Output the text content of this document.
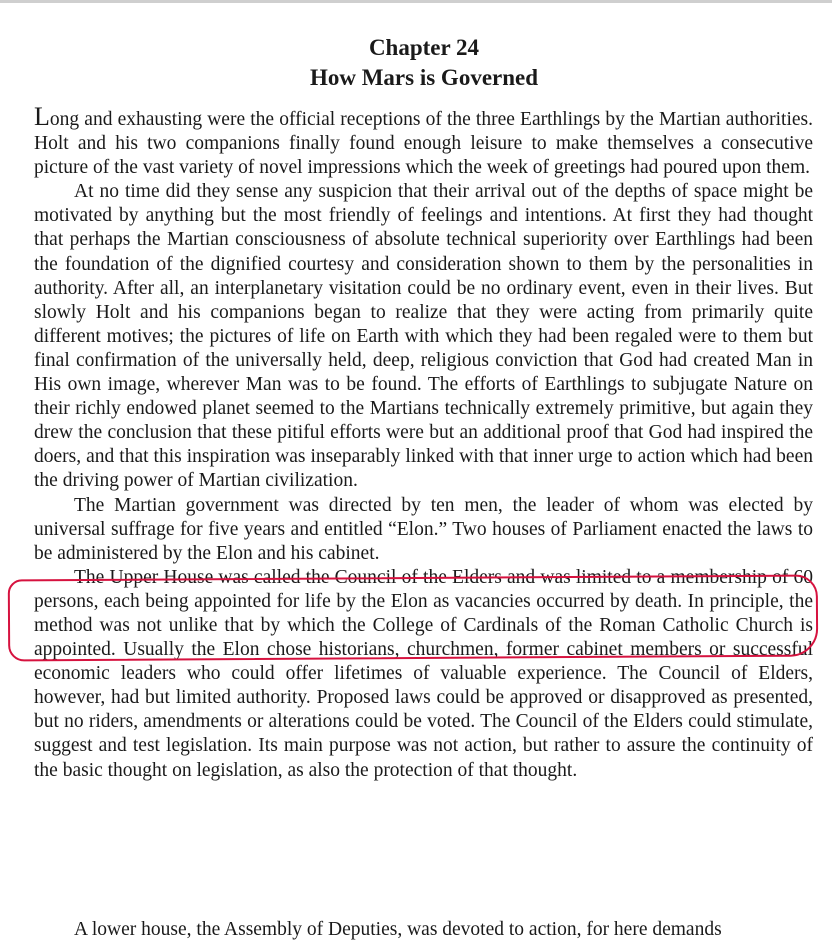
Chapter 24
How Mars is Governed

Long and exhausting were the official receptions of the three Earthlings by the Martian authorities. Holt and his two companions finally found enough leisure to make themselves a consecutive picture of the vast variety of novel impressions which the week of greetings had poured upon them.

At no time did they sense any suspicion that their arrival out of the depths of space might be motivated by anything but the most friendly of feelings and intentions. At first they had thought that perhaps the Martian consciousness of absolute technical superiority over Earthlings had been the foundation of the dignified courtesy and consideration shown to them by the personalities in authority. After all, an interplanetary visitation could be no ordinary event, even in their lives. But slowly Holt and his companions began to realize that they were acting from primarily quite different motives; the pictures of life on Earth with which they had been regaled were to them but final confirmation of the universally held, deep, religious conviction that God had created Man in His own image, wherever Man was to be found. The efforts of Earthlings to subjugate Nature on their richly endowed planet seemed to the Martians technically extremely primitive, but again they drew the conclusion that these pitiful efforts were but an additional proof that God had inspired the doers, and that this inspiration was inseparably linked with that inner urge to action which had been the driving power of Martian civilization.

The Martian government was directed by ten men, the leader of whom was elected by universal suffrage for five years and entitled “Elon.” Two houses of Parliament enacted the laws to be administered by the Elon and his cabinet.

The Upper House was called the Council of the Elders and was limited to a membership of 60 persons, each being appointed for life by the Elon as vacancies occurred by death. In principle, the method was not unlike that by which the College of Cardinals of the Roman Catholic Church is appointed. Usually the Elon chose historians, churchmen, former cabinet members or successful economic leaders who could offer lifetimes of valuable experience. The Council of Elders, however, had but limited authority. Proposed laws could be approved or disapproved as presented, but no riders, amendments or alterations could be voted. The Council of the Elders could stimulate, suggest and test legislation. Its main purpose was not action, but rather to assure the continuity of the basic thought on legislation, as also the protection of that thought.

A lower house, the Assembly of Deputies, was devoted to action, for here demands
